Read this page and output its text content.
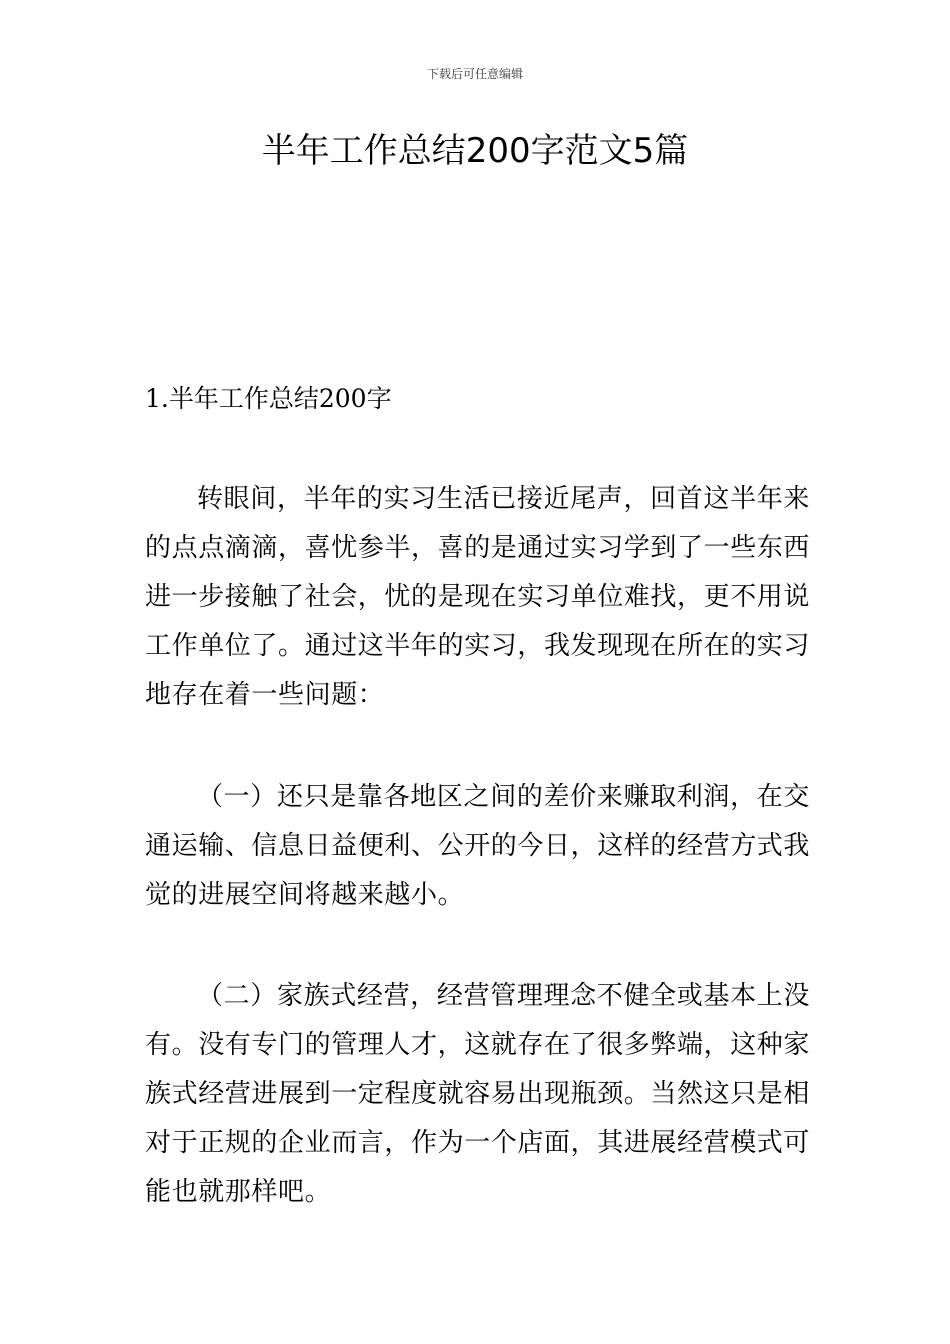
下载后可任意编辑
半年工作总结200字范文5篇
1.半年工作总结200字

转眼间，半年的实习生活已接近尾声，回首这半年来的点点滴滴，喜忧参半，喜的是通过实习学到了一些东西进一步接触了社会，忧的是现在实习单位难找，更不用说工作单位了。通过这半年的实习，我发现现在所在的实习地存在着一些问题：

（一）还只是靠各地区之间的差价来赚取利润，在交通运输、信息日益便利、公开的今日，这样的经营方式我觉的进展空间将越来越小。

（二）家族式经营，经营管理理念不健全或基本上没有。没有专门的管理人才，这就存在了很多弊端，这种家族式经营进展到一定程度就容易出现瓶颈。当然这只是相对于正规的企业而言，作为一个店面，其进展经营模式可能也就那样吧。
